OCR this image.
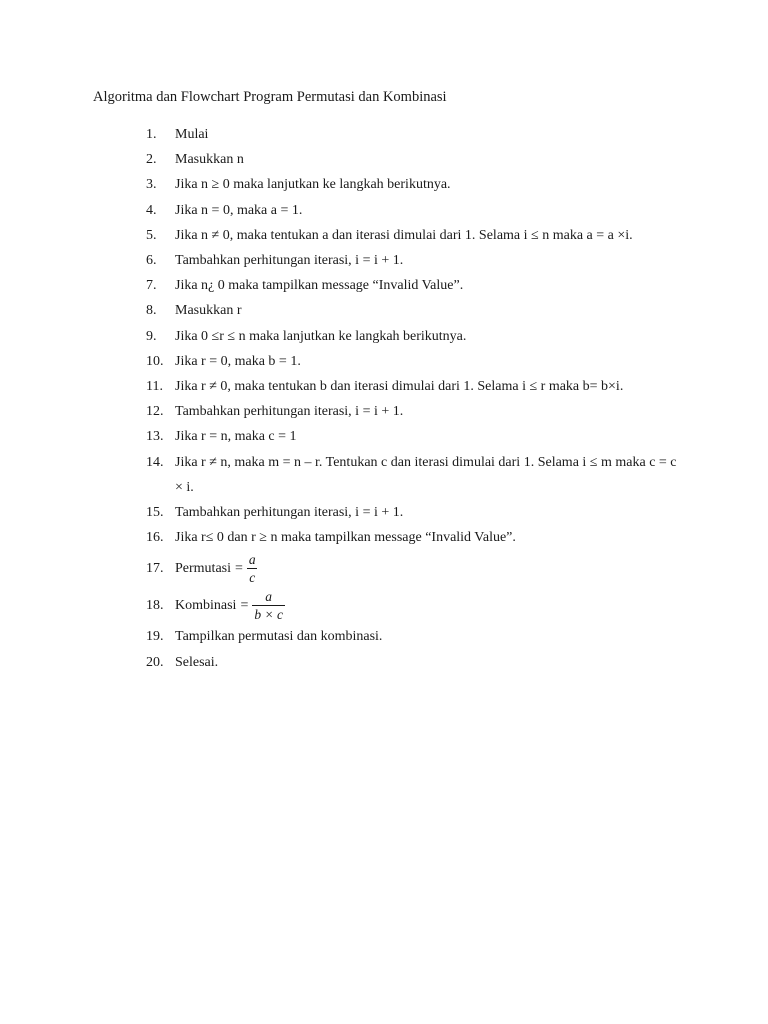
Algoritma dan Flowchart Program Permutasi dan Kombinasi
1.	Mulai
2.	Masukkan n
3.	Jika n ≥ 0 maka lanjutkan ke langkah berikutnya.
4.	Jika n = 0, maka a = 1.
5.	Jika n ≠ 0, maka tentukan a dan iterasi dimulai dari 1. Selama i ≤ n maka a = a ×i.
6.	Tambahkan perhitungan iterasi, i = i + 1.
7.	Jika n¿ 0 maka tampilkan message “Invalid Value”.
8.	Masukkan r
9.	Jika 0 ≤r ≤ n maka lanjutkan ke langkah berikutnya.
10. Jika r = 0, maka b = 1.
11. Jika r ≠ 0, maka tentukan b dan iterasi dimulai dari 1. Selama i ≤ r maka b= b×i.
12. Tambahkan perhitungan iterasi, i = i + 1.
13. Jika r = n, maka c = 1
14. Jika r ≠ n, maka m = n – r. Tentukan c dan iterasi dimulai dari 1. Selama i ≤ m maka c = c × i.
15. Tambahkan perhitungan iterasi, i = i + 1.
16. Jika r≤ 0 dan r ≥ n maka tampilkan message “Invalid Value”.
17. Permutasi = $\frac{a}{c}$
18. Kombinasi = $\frac{a}{b \times c}$
19. Tampilkan permutasi dan kombinasi.
20. Selesai.
